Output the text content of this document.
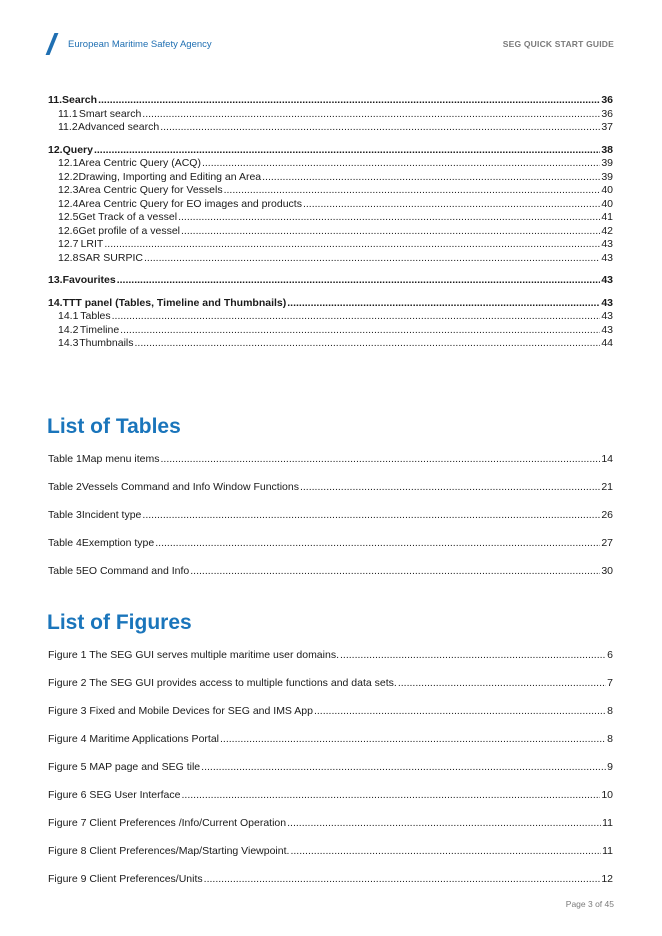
European Maritime Safety Agency	SEG QUICK START GUIDE
11. Search .....	36
11.1 Smart search .....	36
11.2 Advanced search .....	37
12. Query .....	38
12.1 Area Centric Query (ACQ) .....	39
12.2 Drawing, Importing and Editing an Area .....	39
12.3 Area Centric Query for Vessels .....	40
12.4 Area Centric Query for EO images and products .....	40
12.5 Get Track of a vessel .....	41
12.6 Get profile of a vessel .....	42
12.7 LRIT .....	43
12.8 SAR SURPIC .....	43
13. Favourites .....	43
14. TTT panel (Tables, Timeline and Thumbnails) .....	43
14.1 Tables .....	43
14.2 Timeline .....	43
14.3 Thumbnails .....	44
List of Tables
Table 1 Map menu items .....	14
Table 2 Vessels Command and Info Window Functions .....	21
Table 3 Incident type .....	26
Table 4 Exemption type .....	27
Table 5 EO Command and Info .....	30
List of Figures
Figure 1 The SEG GUI serves multiple maritime user domains. .....	6
Figure 2 The SEG GUI provides access to multiple functions and data sets. .....	7
Figure 3 Fixed and Mobile Devices for SEG and IMS App .....	8
Figure 4 Maritime Applications Portal .....	8
Figure 5 MAP page and SEG tile .....	9
Figure 6 SEG User Interface .....	10
Figure 7 Client Preferences /Info/Current Operation .....	11
Figure 8 Client Preferences/Map/Starting Viewpoint. .....	11
Figure 9 Client Preferences/Units .....	12
Page 3 of 45
